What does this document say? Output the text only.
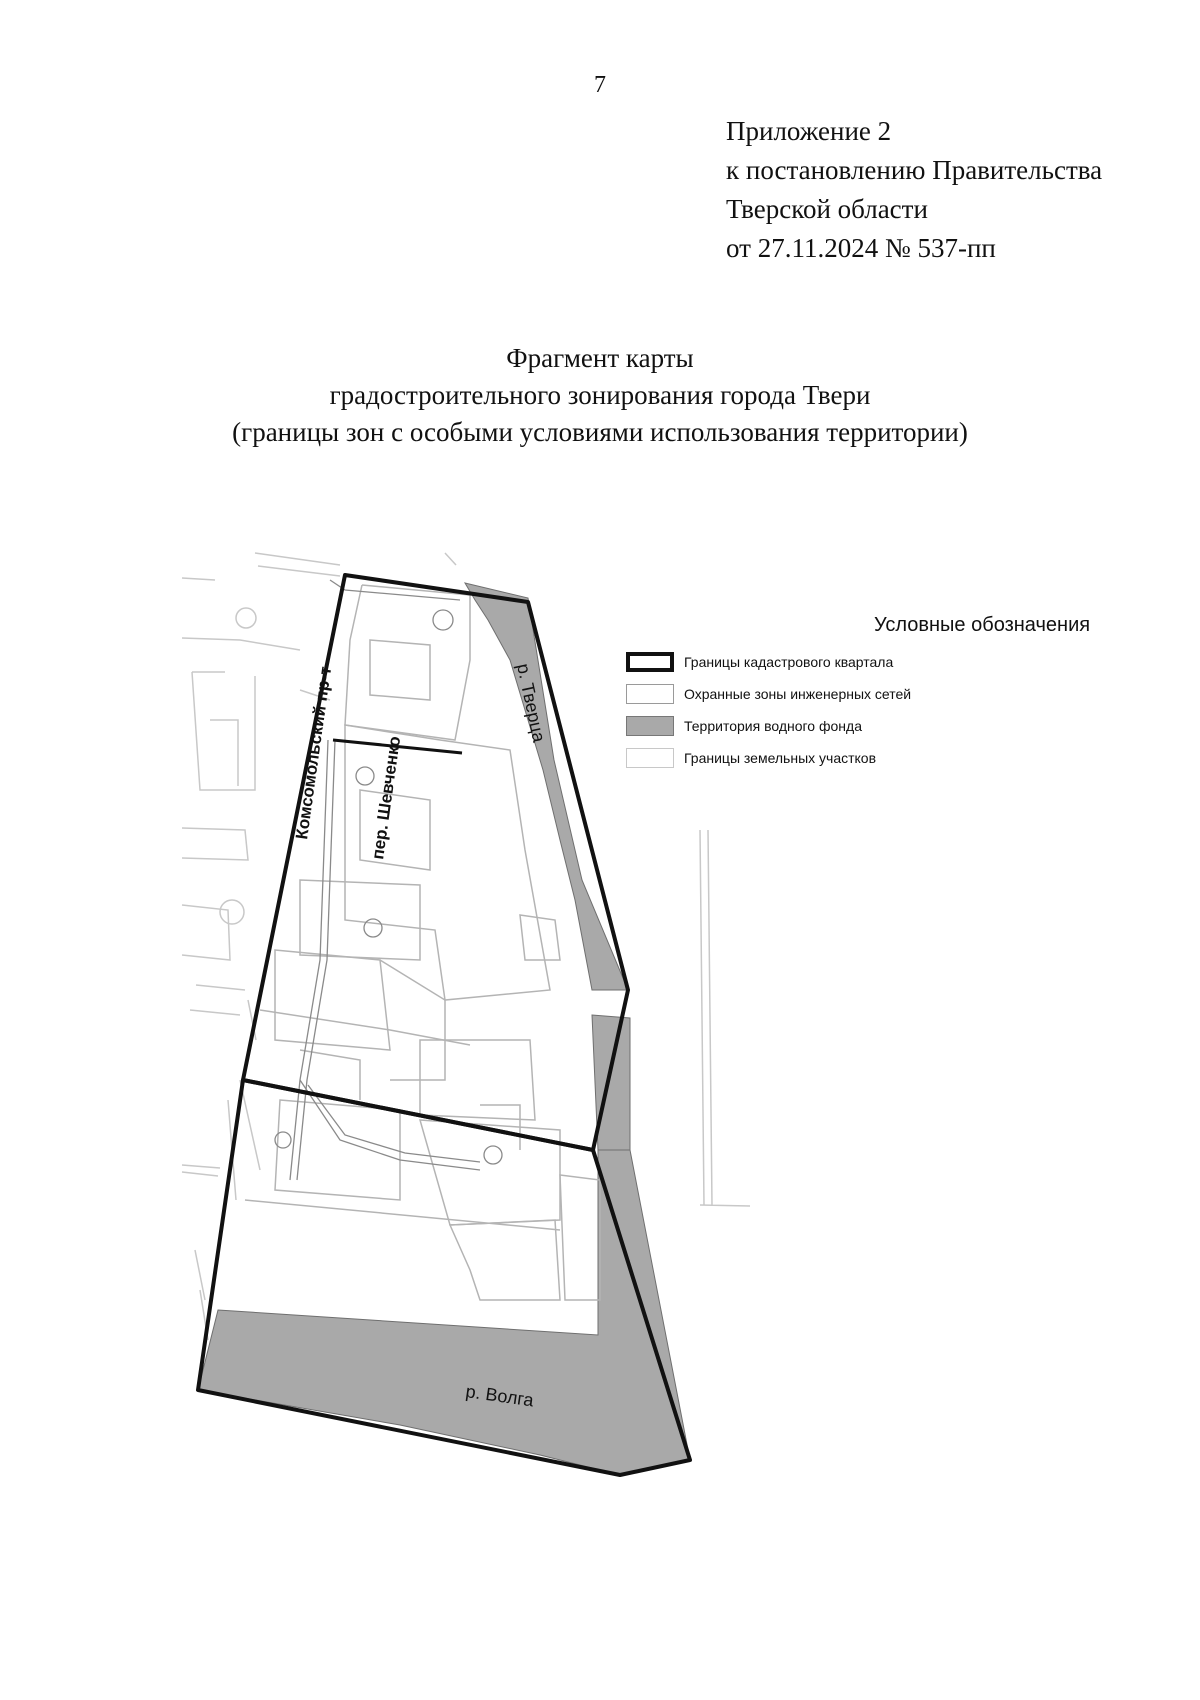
7
Приложение 2
к постановлению Правительства
Тверской области
от 27.11.2024 № 537-пп
Фрагмент карты
градостроительного зонирования города Твери
(границы зон с особыми условиями использования территории)
Комсомольский пр-т пер. Шевченко
р. Тверца
р. Волга
Условные обозначения
Границы кадастрового квартала
Охранные зоны инженерных сетей
Территория водного фонда
Границы земельных участков
